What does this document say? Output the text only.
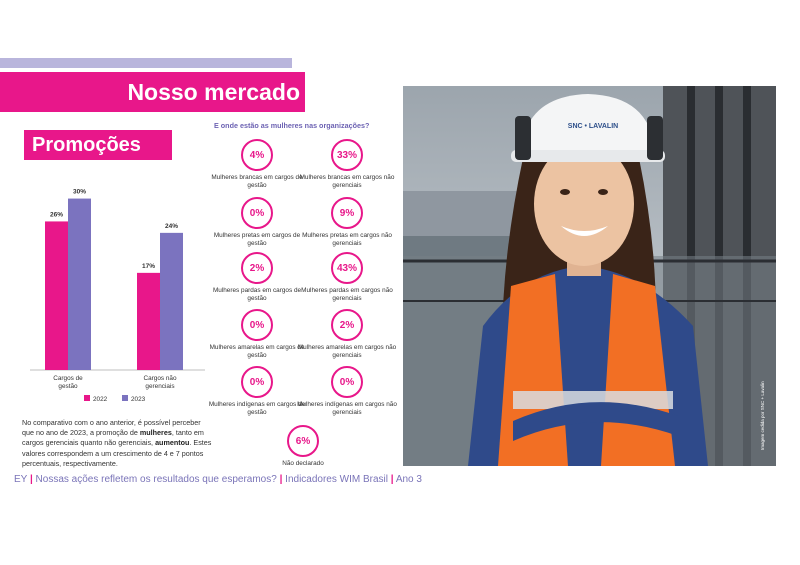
Nosso mercado
Promoções
26%
30%
Cargos de
gestão
17%
24%
Cargos não
gerenciais
2022	2023
No comparativo com o ano anterior, é possível perceber que no ano de 2023, a promoção de mulheres, tanto em cargos gerenciais quanto não gerenciais, aumentou. Estes valores correspondem a um crescimento de 4 e 7 pontos percentuais, respectivamente.
E onde estão as mulheres nas organizações?
4%
Mulheres brancas em cargos de gestão
33%
Mulheres brancas em cargos não gerenciais
0%
Mulheres pretas em cargos de gestão
9%
Mulheres pretas em cargos não gerenciais
2%
Mulheres pardas em cargos de gestão
43%
Mulheres pardas em cargos não gerenciais
0%
Mulheres amarelas em cargos de gestão
2%
Mulheres amarelas em cargos não gerenciais
0%
Mulheres indígenas em cargos de gestão
0%
Mulheres indígenas em cargos não gerenciais
6%
Não declarado
SNC • LAVALIN
Imagem cedida por SNC + Lavalin
EY | Nossas ações refletem os resultados que esperamos? | Indicadores WIM Brasil | Ano 3
